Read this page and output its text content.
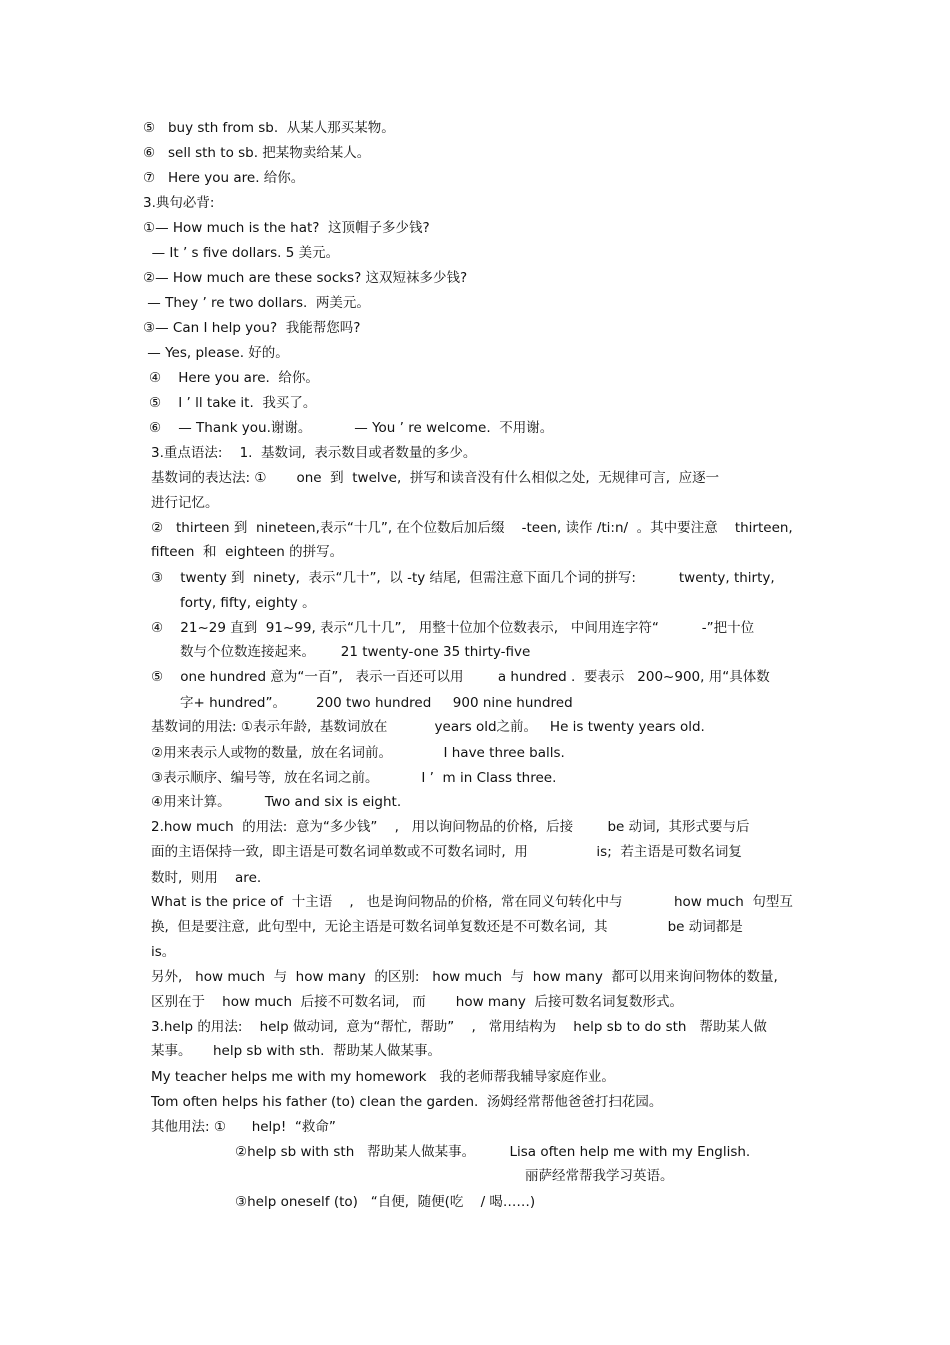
⑤   buy sth from sb.  从某人那买某物。
⑥   sell sth to sb. 把某物卖给某人。
⑦   Here you are. 给你。
3.典句必背:
①— How much is the hat?  这顶帽子多少钱?
— It ’ s five dollars. 5 美元。
②— How much are these socks? 这双短袜多少钱?
— They ’ re two dollars.  两美元。
③— Can I help you?  我能帮您吗?
— Yes, please. 好的。
④    Here you are.  给你。
⑤    I ’ ll take it.  我买了。
⑥    — Thank you.谢谢。          — You ’ re welcome.  不用谢。
3.重点语法:    1.  基数词,  表示数目或者数量的多少。
基数词的表达法: ①       one  到  twelve,  拼写和读音没有什么相似之处,  无规律可言,  应逐一
进行记忆。
②   thirteen 到  nineteen,表示“十几”, 在个位数后加后缀    -teen, 读作 /ti:n/  。其中要注意    thirteen,
fifteen  和  eighteen 的拼写。
③    twenty 到  ninety,  表示“几十”,  以 -ty 结尾,  但需注意下面几个词的拼写:          twenty, thirty,
forty, fifty, eighty 。
④    21~29 直到  91~99, 表示“几十几”,   用整十位加个位数表示,   中间用连字符“          -”把十位
数与个位数连接起来。      21 twenty-one 35 thirty-five
⑤    one hundred 意为“一百”,   表示一百还可以用        a hundred .  要表示   200~900, 用“具体数
字+ hundred”。       200 two hundred     900 nine hundred
基数词的用法: ①表示年龄,  基数词放在           years old之前。   He is twenty years old.
②用来表示人或物的数量,  放在名词前。            I have three balls.
③表示顺序、编号等,  放在名词之前。          I ’  m in Class three.
④用来计算。        Two and six is eight.
2.how much  的用法:  意为“多少钱”    ,   用以询问物品的价格,  后接        be 动词,  其形式要与后
面的主语保持一致,  即主语是可数名词单数或不可数名词时,  用                is;  若主语是可数名词复
数时,  则用    are.
What is the price of  十主语    ,   也是询问物品的价格,  常在同义句转化中与            how much  句型互
换,  但是要注意,  此句型中,  无论主语是可数名词单复数还是不可数名词,  其              be 动词都是
is。
另外,   how much  与  how many  的区别:   how much  与  how many  都可以用来询问物体的数量,
区别在于    how much  后接不可数名词,   而       how many  后接可数名词复数形式。
3.help 的用法:    help 做动词,  意为“帮忙,  帮助”    ,   常用结构为    help sb to do sth   帮助某人做
某事。     help sb with sth.  帮助某人做某事。
My teacher helps me with my homework   我的老师帮我辅导家庭作业。
Tom often helps his father (to) clean the garden.  汤姆经常帮他爸爸打扫花园。
其他用法: ①      help!  “救命”
②help sb with sth   帮助某人做某事。        Lisa often help me with my English.
丽萨经常帮我学习英语。
③help oneself (to)   “自便,  随便(吃    / 喝……)
